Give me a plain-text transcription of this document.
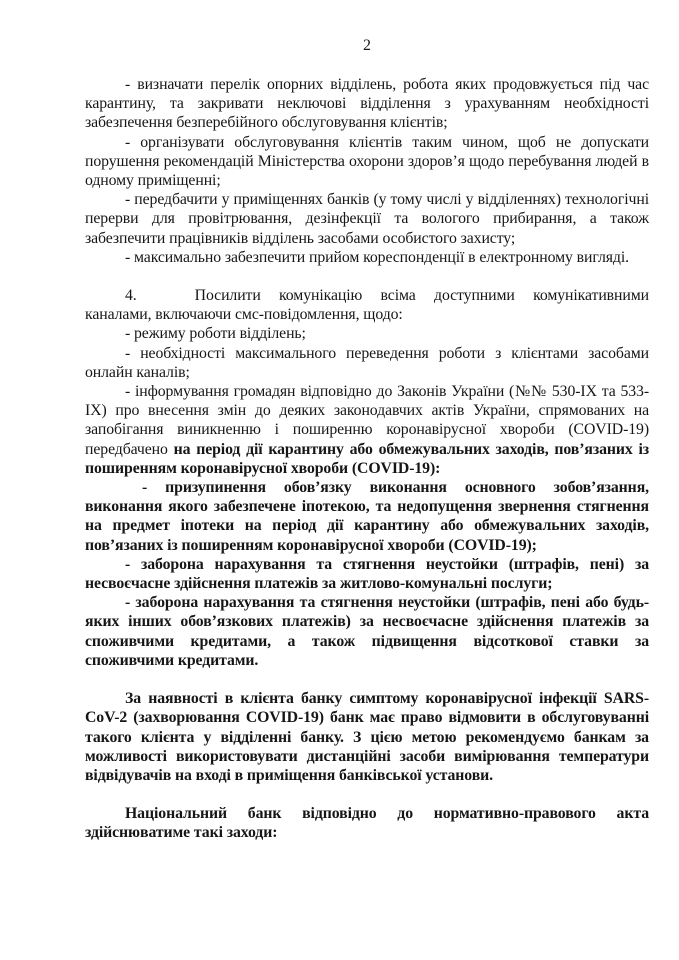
2

- визначати перелік опорних відділень, робота яких продовжується під час карантину, та закривати неключові відділення з урахуванням необхідності забезпечення безперебійного обслуговування клієнтів;

- організувати обслуговування клієнтів таким чином, щоб не допускати порушення рекомендацій Міністерства охорони здоров’я щодо перебування людей в одному приміщенні;

- передбачити у приміщеннях банків (у тому числі у відділеннях) технологічні перерви для провітрювання, дезінфекції та вологого прибирання, а також забезпечити працівників відділень засобами особистого захисту;

- максимально забезпечити прийом кореспонденції в електронному вигляді.

4.	Посилити комунікацію всіма доступними комунікативними каналами, включаючи смс-повідомлення, щодо:

- режиму роботи відділень;

- необхідності максимального переведення роботи з клієнтами засобами онлайн каналів;

- інформування громадян відповідно до Законів України (№№ 530-ІХ та 533-ІХ) про внесення змін до деяких законодавчих актів України, спрямованих на запобігання виникненню і поширенню коронавірусної хвороби (COVID-19) передбачено на період дії карантину або обмежувальних заходів, пов’язаних із поширенням коронавірусної хвороби (COVID-19):

- призупинення обов’язку виконання основного зобов’язання, виконання якого забезпечене іпотекою, та недопущення звернення стягнення на предмет іпотеки на період дії карантину або обмежувальних заходів, пов’язаних із поширенням коронавірусної хвороби (COVID-19);

- заборона нарахування та стягнення неустойки (штрафів, пені) за несвоєчасне здійснення платежів за житлово-комунальні послуги;

- заборона нарахування та стягнення неустойки (штрафів, пені або будь-яких інших обов’язкових платежів) за несвоєчасне здійснення платежів за споживчими кредитами, а також підвищення відсоткової ставки за споживчими кредитами.

За наявності в клієнта банку симптому коронавірусної інфекції SARS-CoV-2 (захворювання COVID-19) банк має право відмовити в обслуговуванні такого клієнта у відділенні банку. З цією метою рекомендуємо банкам за можливості використовувати дистанційні засоби вимірювання температури відвідувачів на вході в приміщення банківської установи.

Національний банк відповідно до нормативно-правового акта здійснюватиме такі заходи:
